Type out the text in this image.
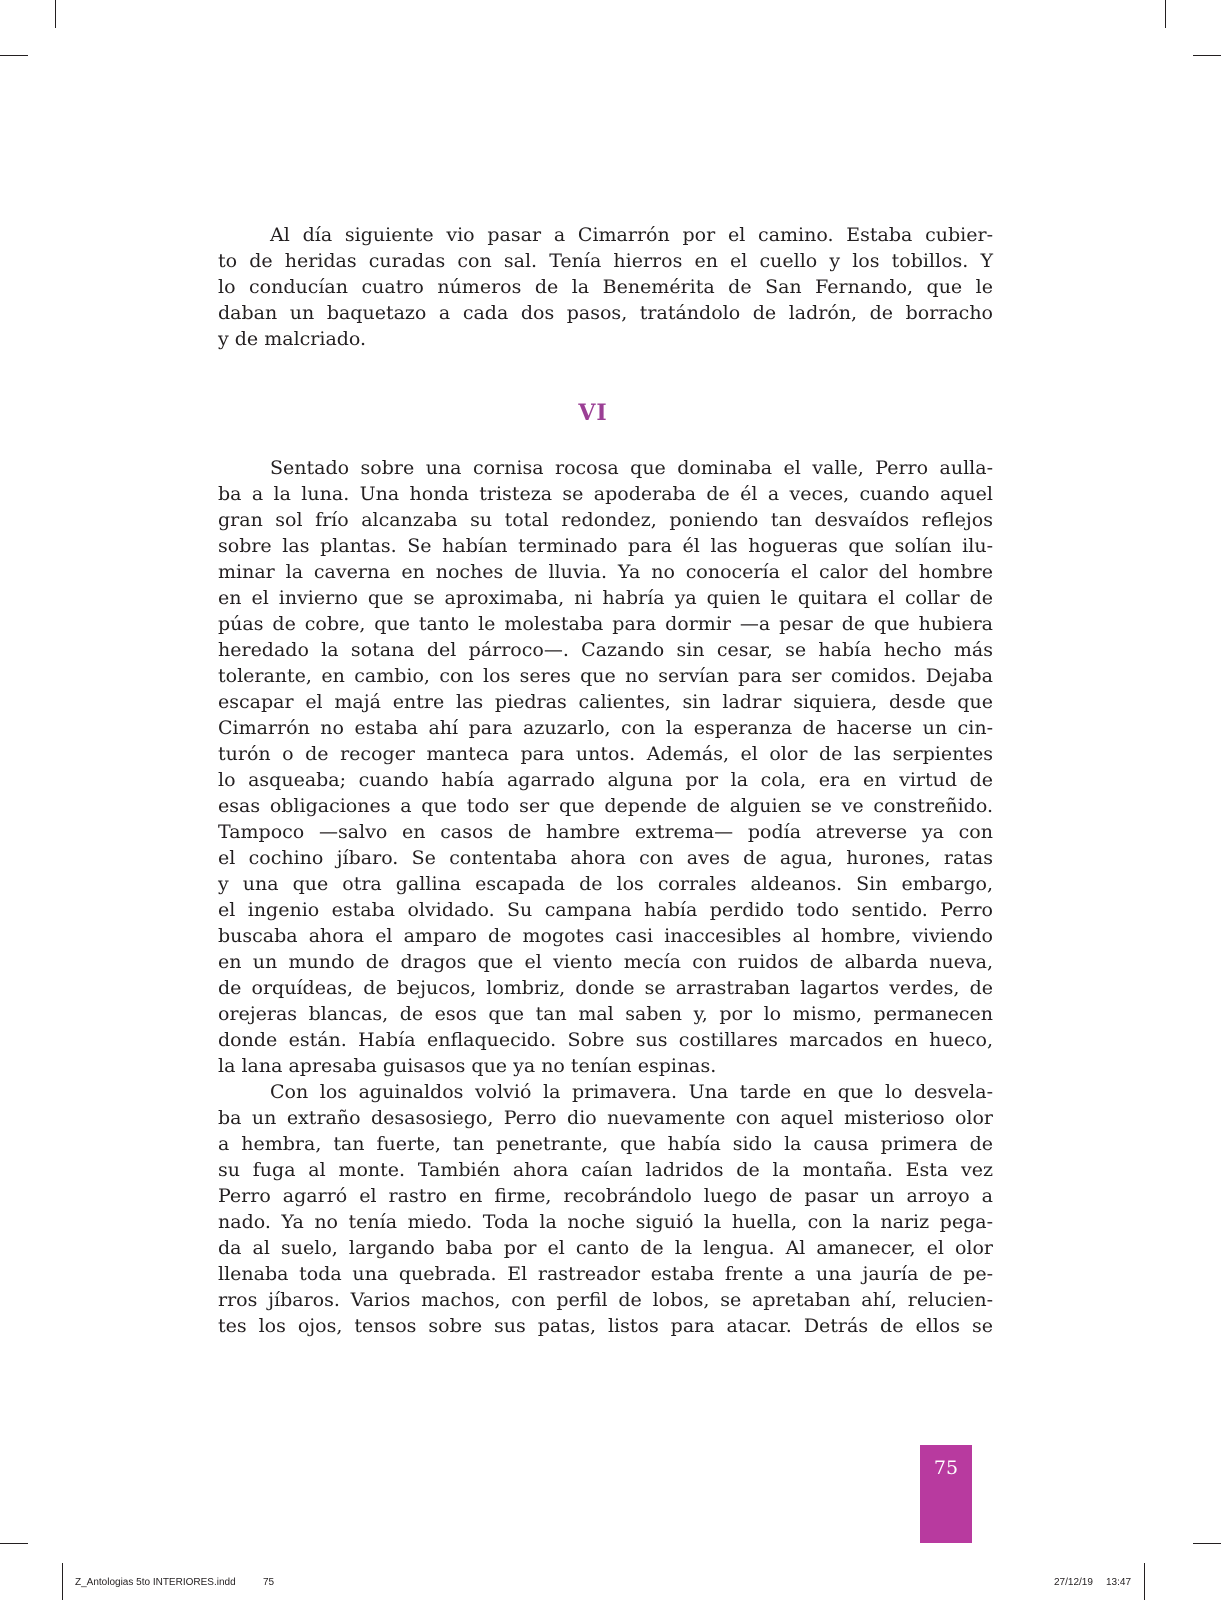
Al día siguiente vio pasar a Cimarrón por el camino. Estaba cubier-
to de heridas curadas con sal. Tenía hierros en el cuello y los tobillos. Y
lo conducían cuatro números de la Benemérita de San Fernando, que le
daban un baquetazo a cada dos pasos, tratándolo de ladrón, de borracho
y de malcriado.
VI
Sentado sobre una cornisa rocosa que dominaba el valle, Perro aulla-
ba a la luna. Una honda tristeza se apoderaba de él a veces, cuando aquel
gran sol frío alcanzaba su total redondez, poniendo tan desvaídos reflejos
sobre las plantas. Se habían terminado para él las hogueras que solían ilu-
minar la caverna en noches de lluvia. Ya no conocería el calor del hombre
en el invierno que se aproximaba, ni habría ya quien le quitara el collar de
púas de cobre, que tanto le molestaba para dormir —a pesar de que hubiera
heredado la sotana del párroco—. Cazando sin cesar, se había hecho más
tolerante, en cambio, con los seres que no servían para ser comidos. Dejaba
escapar el majá entre las piedras calientes, sin ladrar siquiera, desde que
Cimarrón no estaba ahí para azuzarlo, con la esperanza de hacerse un cin-
turón o de recoger manteca para untos. Además, el olor de las serpientes
lo asqueaba; cuando había agarrado alguna por la cola, era en virtud de
esas obligaciones a que todo ser que depende de alguien se ve constreñido.
Tampoco —salvo en casos de hambre extrema— podía atreverse ya con
el cochino jíbaro. Se contentaba ahora con aves de agua, hurones, ratas
y una que otra gallina escapada de los corrales aldeanos. Sin embargo,
el ingenio estaba olvidado. Su campana había perdido todo sentido. Perro
buscaba ahora el amparo de mogotes casi inaccesibles al hombre, viviendo
en un mundo de dragos que el viento mecía con ruidos de albarda nueva,
de orquídeas, de bejucos, lombriz, donde se arrastraban lagartos verdes, de
orejeras blancas, de esos que tan mal saben y, por lo mismo, permanecen
donde están. Había enflaquecido. Sobre sus costillares marcados en hueco,
la lana apresaba guisasos que ya no tenían espinas.
Con los aguinaldos volvió la primavera. Una tarde en que lo desvela-
ba un extraño desasosiego, Perro dio nuevamente con aquel misterioso olor
a hembra, tan fuerte, tan penetrante, que había sido la causa primera de
su fuga al monte. También ahora caían ladridos de la montaña. Esta vez
Perro agarró el rastro en firme, recobrándolo luego de pasar un arroyo a
nado. Ya no tenía miedo. Toda la noche siguió la huella, con la nariz pega-
da al suelo, largando baba por el canto de la lengua. Al amanecer, el olor
llenaba toda una quebrada. El rastreador estaba frente a una jauría de pe-
rros jíbaros. Varios machos, con perfil de lobos, se apretaban ahí, relucien-
tes los ojos, tensos sobre sus patas, listos para atacar. Detrás de ellos se
75
Z_Antologias 5to INTERIORES.indd	75	27/12/19 13:47
